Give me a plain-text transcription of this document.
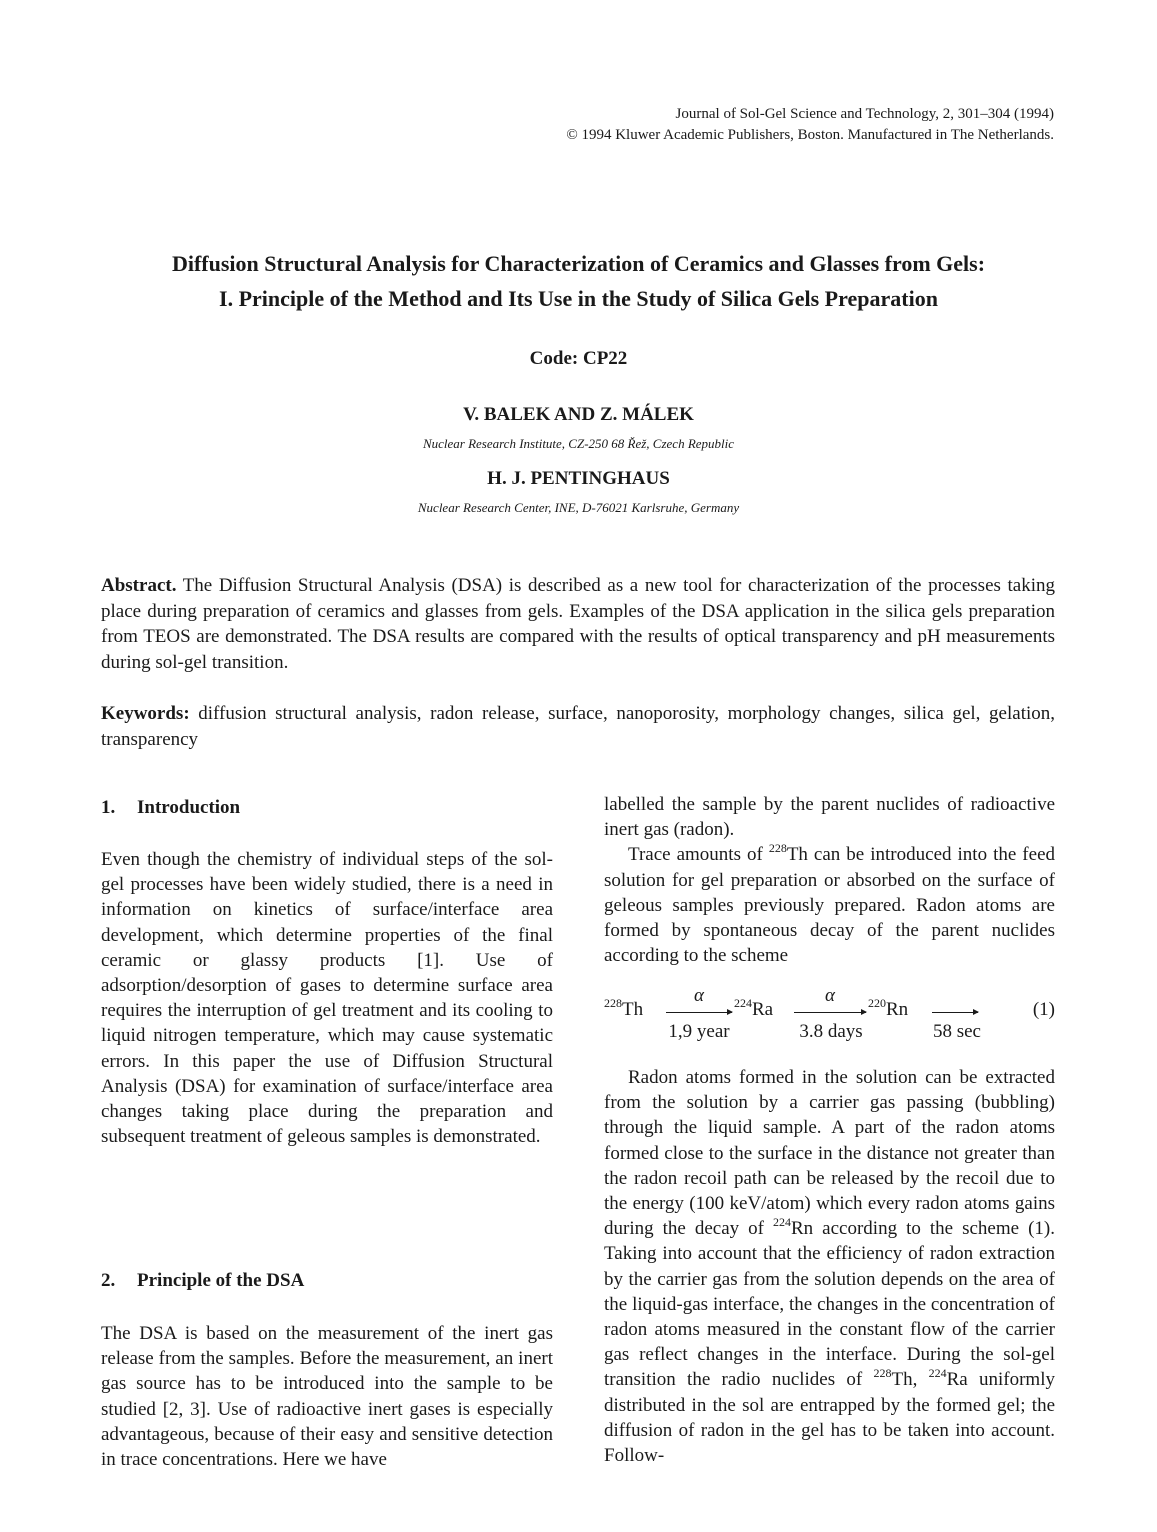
Journal of Sol-Gel Science and Technology, 2, 301–304 (1994)
© 1994 Kluwer Academic Publishers, Boston. Manufactured in The Netherlands.
Diffusion Structural Analysis for Characterization of Ceramics and Glasses from Gels:
I. Principle of the Method and Its Use in the Study of Silica Gels Preparation
Code: CP22
V. BALEK AND Z. MÁLEK
Nuclear Research Institute, CZ-250 68 Řež, Czech Republic
H. J. PENTINGHAUS
Nuclear Research Center, INE, D-76021 Karlsruhe, Germany
Abstract. The Diffusion Structural Analysis (DSA) is described as a new tool for characterization of the processes taking place during preparation of ceramics and glasses from gels. Examples of the DSA application in the silica gels preparation from TEOS are demonstrated. The DSA results are compared with the results of optical transparency and pH measurements during sol-gel transition.
Keywords: diffusion structural analysis, radon release, surface, nanoporosity, morphology changes, silica gel, gelation, transparency
1. Introduction
Even though the chemistry of individual steps of the sol-gel processes have been widely studied, there is a need in information on kinetics of surface/interface area development, which determine properties of the final ceramic or glassy products [1]. Use of adsorption/desorption of gases to determine surface area requires the interruption of gel treatment and its cooling to liquid nitrogen temperature, which may cause systematic errors. In this paper the use of Diffusion Structural Analysis (DSA) for examination of surface/interface area changes taking place during the preparation and subsequent treatment of geleous samples is demonstrated.
2. Principle of the DSA
The DSA is based on the measurement of the inert gas release from the samples. Before the measurement, an inert gas source has to be introduced into the sample to be studied [2, 3]. Use of radioactive inert gases is especially advantageous, because of their easy and sensitive detection in trace concentrations. Here we have

labelled the sample by the parent nuclides of radioactive inert gas (radon).

Trace amounts of $^{228}$Th can be introduced into the feed solution for gel preparation or absorbed on the surface of geleous samples previously prepared. Radon atoms are formed by spontaneous decay of the parent nuclides according to the scheme

$^{228}$Th
α
1,9 year
$^{224}$Ra
α
3.8 days
$^{220}$Rn →
58 sec
(1)

Radon atoms formed in the solution can be extracted from the solution by a carrier gas passing (bubbling) through the liquid sample. A part of the radon atoms formed close to the surface in the distance not greater than the radon recoil path can be released by the recoil due to the energy (100 keV/atom) which every radon atoms gains during the decay of $^{224}$Rn according to the scheme (1). Taking into account that the efficiency of radon extraction by the carrier gas from the solution depends on the area of the liquid-gas interface, the changes in the concentration of radon atoms measured in the constant flow of the carrier gas reflect changes in the interface. During the sol-gel transition the radio nuclides of $^{228}$Th, $^{224}$Ra uniformly distributed in the sol are entrapped by the formed gel; the diffusion of radon in the gel has to be taken into account. Follow-
